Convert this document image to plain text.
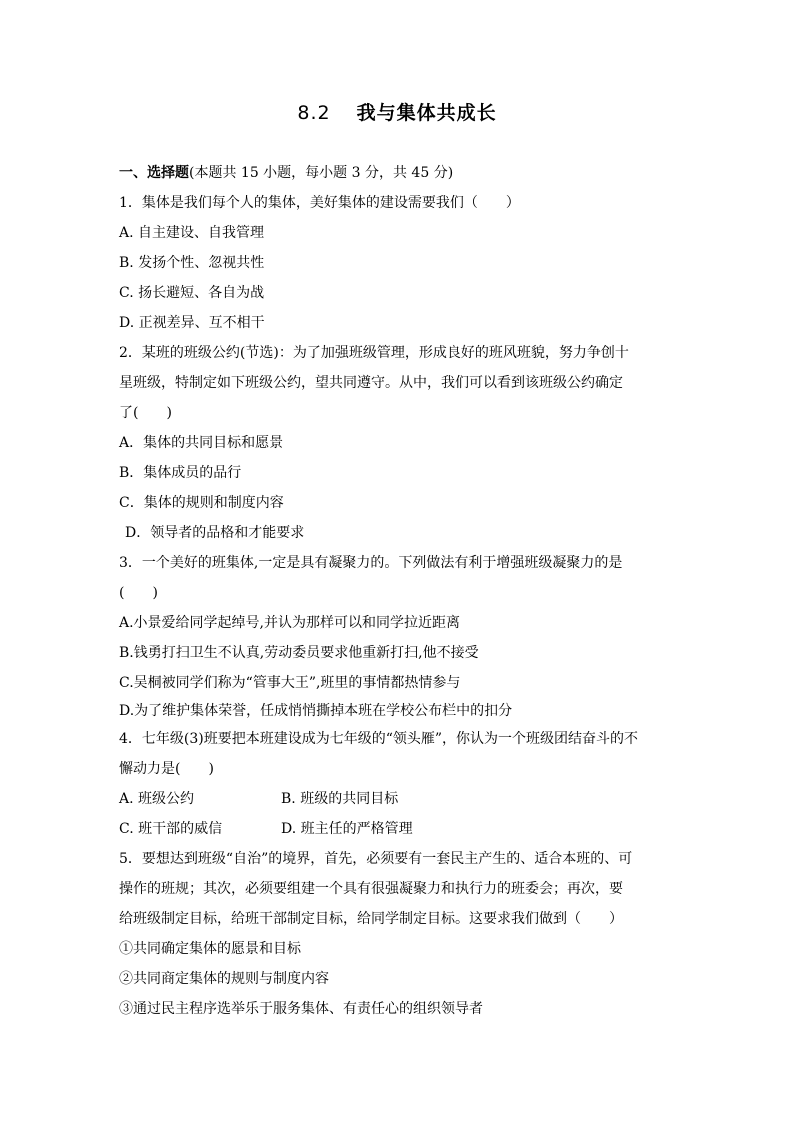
8.2 我与集体共成长
一、选择题(本题共 15 小题，每小题 3 分，共 45 分)
1．集体是我们每个人的集体，美好集体的建设需要我们（　　）
A. 自主建设、自我管理
B. 发扬个性、忽视共性
C. 扬长避短、各自为战
D. 正视差异、互不相干
2．某班的班级公约(节选)：为了加强班级管理，形成良好的班风班貌，努力争创十
星班级，特制定如下班级公约，望共同遵守。从中，我们可以看到该班级公约确定
了(　　)
A．集体的共同目标和愿景
B．集体成员的品行
C．集体的规则和制度内容
D．领导者的品格和才能要求
3．一个美好的班集体,一定是具有凝聚力的。下列做法有利于增强班级凝聚力的是
(　　)
A.小景爱给同学起绰号,并认为那样可以和同学拉近距离
B.钱勇打扫卫生不认真,劳动委员要求他重新打扫,他不接受
C.吴桐被同学们称为“管事大王”,班里的事情都热情参与
D.为了维护集体荣誉，任成悄悄撕掉本班在学校公布栏中的扣分
4．七年级(3)班要把本班建设成为七年级的“领头雁”，你认为一个班级团结奋斗的不
懈动力是(　　)
A. 班级公约	B. 班级的共同目标
C. 班干部的威信	D. 班主任的严格管理
5．要想达到班级“自治”的境界，首先，必须要有一套民主产生的、适合本班的、可
操作的班规；其次，必须要组建一个具有很强凝聚力和执行力的班委会；再次，要
给班级制定目标，给班干部制定目标，给同学制定目标。这要求我们做到（　　）
①共同确定集体的愿景和目标
②共同商定集体的规则与制度内容
③通过民主程序选举乐于服务集体、有责任心的组织领导者
